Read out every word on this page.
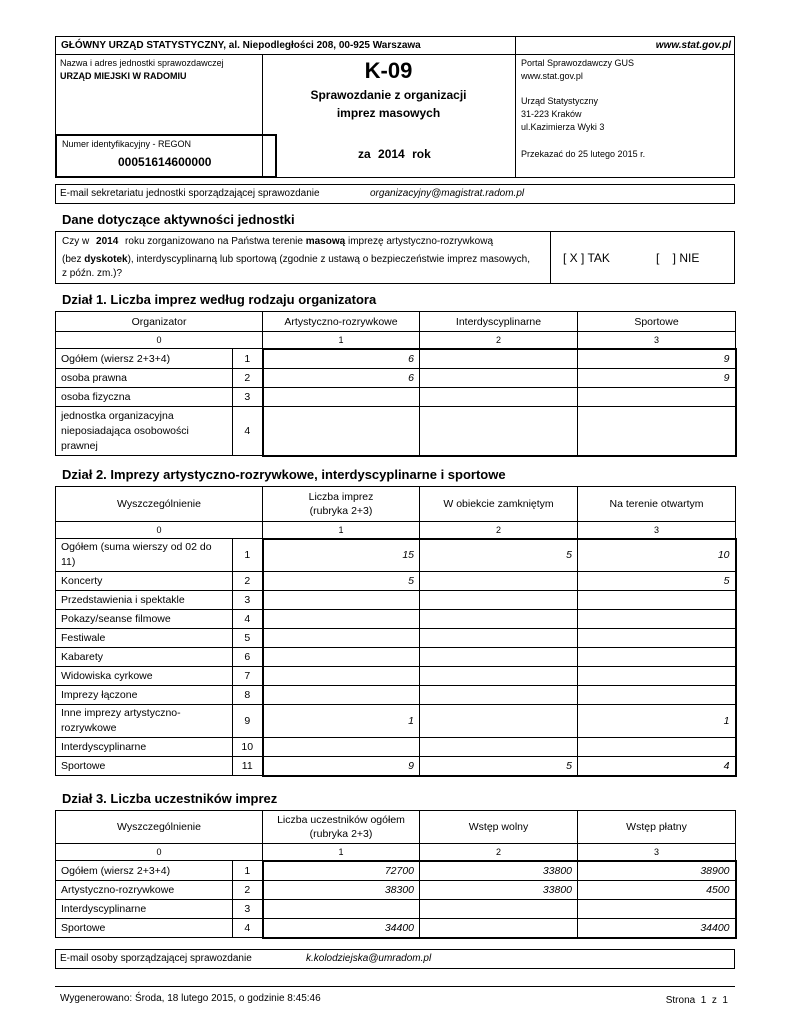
GŁÓWNY URZĄD STATYSTYCZNY, al. Niepodległości 208, 00-925 Warszawa	www.stat.gov.pl
Nazwa i adres jednostki sprawozdawczej
URZĄD MIEJSKI W RADOMIU	K-09
Sprawozdanie z organizacji
imprez masowych
Portal Sprawozdawczy GUS
www.stat.gov.pl
Urząd Statystyczny
31-223 Kraków
ul.Kazimierza Wyki 3
Numer identyfikacyjny - REGON
00051614600000
za 2014 rok	Przekazać do 25 lutego 2015 r.
E-mail sekretariatu jednostki sporządzającej sprawozdanie	organizacyjny@magistrat.radom.pl
Dane dotyczące aktywności jednostki
Czy w 2014 roku zorganizowano na Państwa terenie masową imprezę artystyczno-rozrywkową
(bez dyskotek), interdyscyplinarną lub sportową (zgodnie z ustawą o bezpieczeństwie imprez masowych,
z późn. zm.)?
[ X ] TAK	[    ] NIE
Dział 1. Liczba imprez według rodzaju organizatora
Organizator		Artystyczno-rozrywkowe	Interdyscyplinarne	Sportowe
0		1	2	3
Ogółem (wiersz 2+3+4)	1	6		9
osoba prawna	2	6		9
osoba fizyczna	3			
jednostka organizacyjna nieposiadająca osobowości prawnej	4			
Dział 2. Imprezy artystyczno-rozrywkowe, interdyscyplinarne i sportowe
Wyszczególnienie		Liczba imprez (rubryka 2+3)	W obiekcie zamkniętym	Na terenie otwartym
0		1	2	3
Ogółem (suma wierszy od 02 do 11)	1	15	5	10
Koncerty	2	5		5
Przedstawienia i spektakle	3			
Pokazy/seanse filmowe	4			
Festiwale	5			
Kabarety	6			
Widowiska cyrkowe	7			
Imprezy łączone	8			
Inne imprezy artystyczno-rozrywkowe	9	1		1
Interdyscyplinarne	10			
Sportowe	11	9	5	4
Dział 3. Liczba uczestników imprez
Wyszczególnienie		Liczba uczestników ogółem (rubryka 2+3)	Wstęp wolny	Wstęp płatny
0		1	2	3
Ogółem (wiersz 2+3+4)	1	72700	33800	38900
Artystyczno-rozrywkowe	2	38300	33800	4500
Interdyscyplinarne	3			
Sportowe	4	34400		34400
E-mail osoby sporządzającej sprawozdanie	k.kolodziejska@umradom.pl
Wygenerowano: Środa, 18 lutego 2015, o godzinie 8:45:46	Strona  1  z  1
